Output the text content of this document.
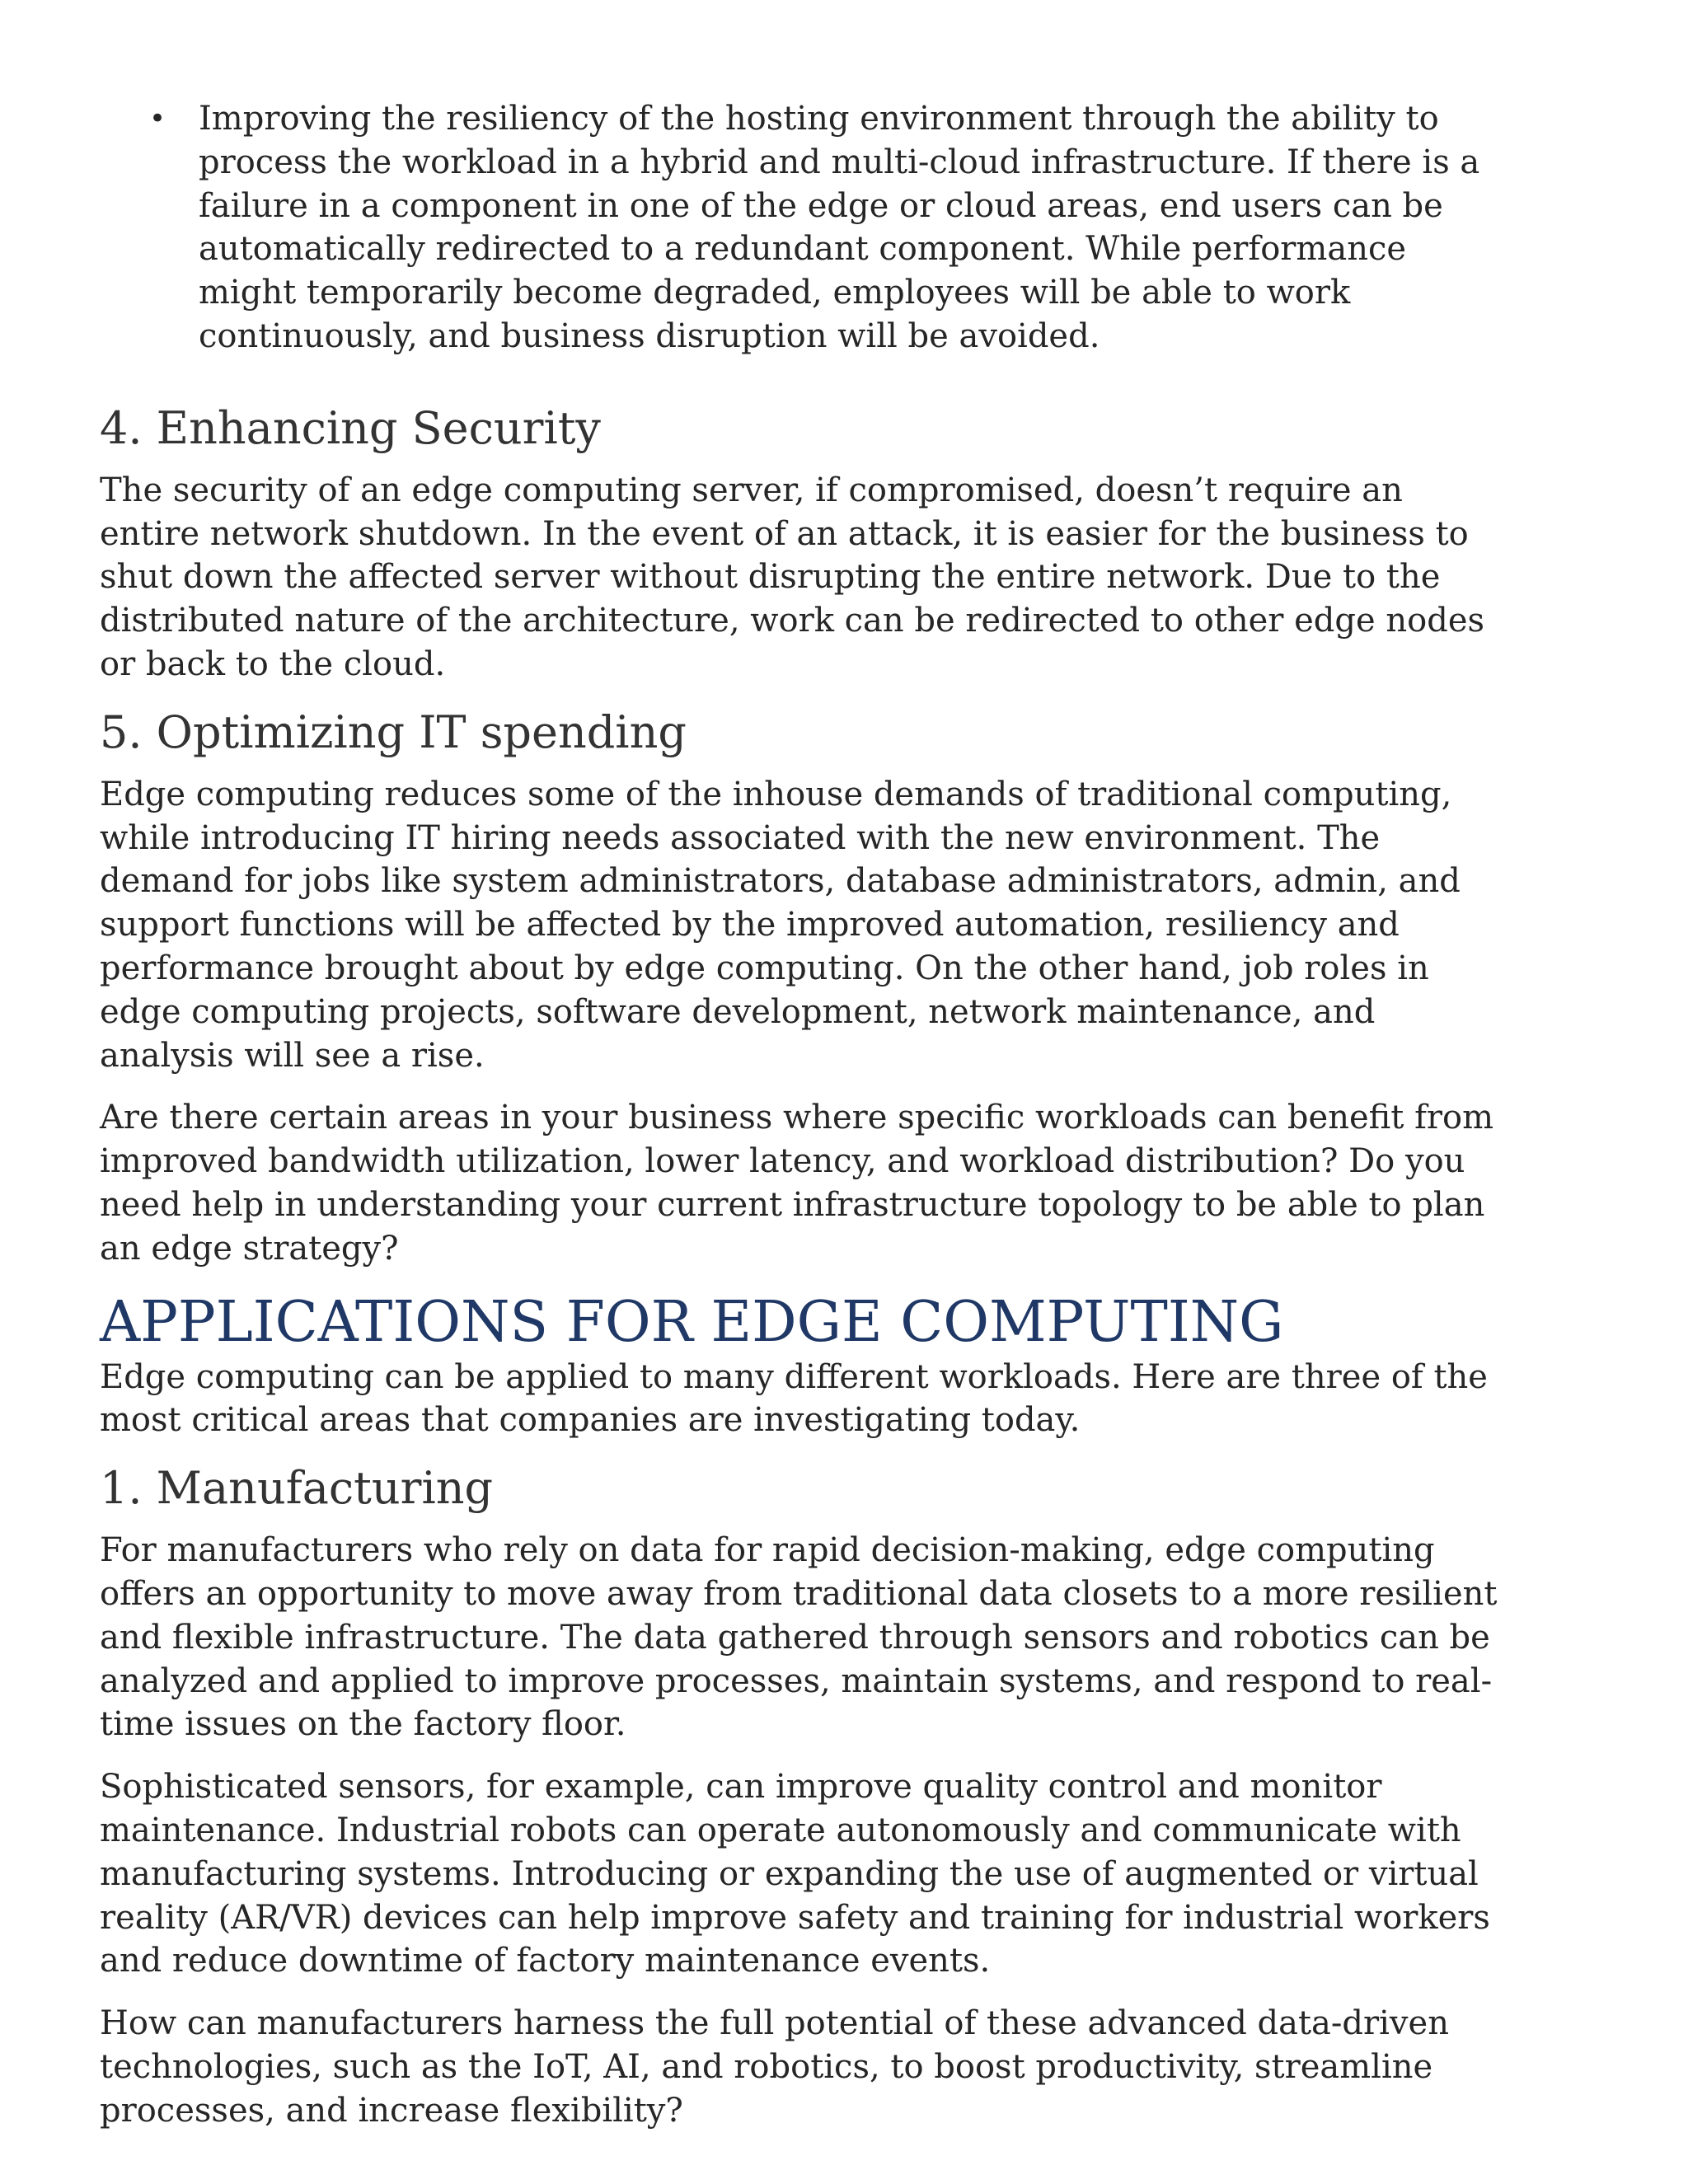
• Improving the resiliency of the hosting environment through the ability to process the workload in a hybrid and multi-cloud infrastructure. If there is a failure in a component in one of the edge or cloud areas, end users can be automatically redirected to a redundant component. While performance might temporarily become degraded, employees will be able to work continuously, and business disruption will be avoided.
4. Enhancing Security

The security of an edge computing server, if compromised, doesn’t require an entire network shutdown. In the event of an attack, it is easier for the business to shut down the affected server without disrupting the entire network. Due to the distributed nature of the architecture, work can be redirected to other edge nodes or back to the cloud.

5. Optimizing IT spending

Edge computing reduces some of the inhouse demands of traditional computing, while introducing IT hiring needs associated with the new environment. The demand for jobs like system administrators, database administrators, admin, and support functions will be affected by the improved automation, resiliency and performance brought about by edge computing. On the other hand, job roles in edge computing projects, software development, network maintenance, and analysis will see a rise.

Are there certain areas in your business where specific workloads can benefit from improved bandwidth utilization, lower latency, and workload distribution? Do you need help in understanding your current infrastructure topology to be able to plan an edge strategy?

APPLICATIONS FOR EDGE COMPUTING

Edge computing can be applied to many different workloads. Here are three of the most critical areas that companies are investigating today.

1. Manufacturing

For manufacturers who rely on data for rapid decision-making, edge computing offers an opportunity to move away from traditional data closets to a more resilient and flexible infrastructure. The data gathered through sensors and robotics can be analyzed and applied to improve processes, maintain systems, and respond to real-time issues on the factory floor.

Sophisticated sensors, for example, can improve quality control and monitor maintenance. Industrial robots can operate autonomously and communicate with manufacturing systems. Introducing or expanding the use of augmented or virtual reality (AR/VR) devices can help improve safety and training for industrial workers and reduce downtime of factory maintenance events.

How can manufacturers harness the full potential of these advanced data-driven technologies, such as the IoT, AI, and robotics, to boost productivity, streamline processes, and increase flexibility?
